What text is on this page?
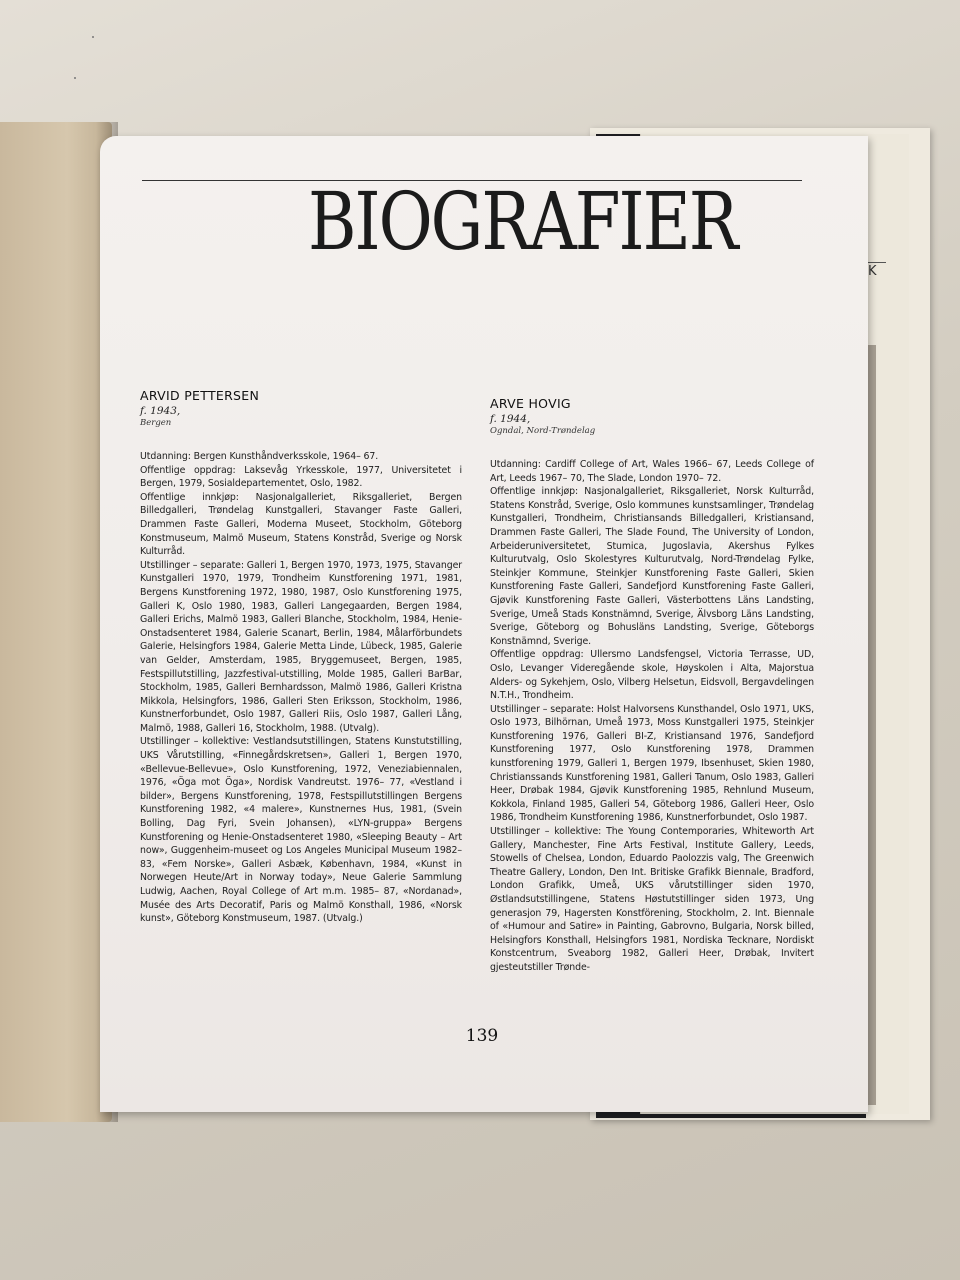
K
BIOGRAFIER
ARVID PETTERSEN
f. 1943,
Bergen

Utdanning: Bergen Kunsthåndverksskole, 1964– 67.

Offentlige oppdrag: Laksevåg Yrkesskole, 1977, Universitetet i Bergen, 1979, Sosialdepartementet, Oslo, 1982.

Offentlige innkjøp: Nasjonalgalleriet, Riksgalleriet, Bergen Billedgalleri, Trøndelag Kunstgalleri, Stavanger Faste Galleri, Drammen Faste Galleri, Moderna Museet, Stockholm, Göteborg Konstmuseum, Malmö Museum, Statens Konstråd, Sverige og Norsk Kulturråd.

Utstillinger – separate: Galleri 1, Bergen 1970, 1973, 1975, Stavanger Kunstgalleri 1970, 1979, Trondheim Kunstforening 1971, 1981, Bergens Kunstforening 1972, 1980, 1987, Oslo Kunstforening 1975, Galleri K, Oslo 1980, 1983, Galleri Langegaarden, Bergen 1984, Galleri Erichs, Malmö 1983, Galleri Blanche, Stockholm, 1984, Henie-Onstadsenteret 1984, Galerie Scanart, Berlin, 1984, Målarförbundets Galerie, Helsingfors 1984, Galerie Metta Linde, Lübeck, 1985, Galerie van Gelder, Amsterdam, 1985, Bryggemuseet, Bergen, 1985, Festspillutstilling, Jazzfestival-utstilling, Molde 1985, Galleri BarBar, Stockholm, 1985, Galleri Bernhardsson, Malmö 1986, Galleri Kristna Mikkola, Helsingfors, 1986, Galleri Sten Eriksson, Stockholm, 1986, Kunstnerforbundet, Oslo 1987, Galleri Riis, Oslo 1987, Galleri Lång, Malmö, 1988, Galleri 16, Stockholm, 1988. (Utvalg).

Utstillinger – kollektive: Vestlandsutstillingen, Statens Kunstutstilling, UKS Vårutstilling, «Finnegårdskretsen», Galleri 1, Bergen 1970, «Bellevue-Bellevue», Oslo Kunstforening, 1972, Veneziabiennalen, 1976, «Öga mot Öga», Nordisk Vandreutst. 1976– 77, «Vestland i bilder», Bergens Kunstforening, 1978, Festspillutstillingen Bergens Kunstforening 1982, «4 malere», Kunstnernes Hus, 1981, (Svein Bolling, Dag Fyri, Svein Johansen), «LYN-gruppa» Bergens Kunstforening og Henie-Onstadsenteret 1980, «Sleeping Beauty – Art now», Guggenheim-museet og Los Angeles Municipal Museum 1982– 83, «Fem Norske», Galleri Asbæk, København, 1984, «Kunst in Norwegen Heute/Art in Norway today», Neue Galerie Sammlung Ludwig, Aachen, Royal College of Art m.m. 1985– 87, «Nordanad», Musée des Arts Decoratif, Paris og Malmö Konsthall, 1986, «Norsk kunst», Göteborg Konstmuseum, 1987. (Utvalg.)

ARVE HOVIG
f. 1944,
Ogndal, Nord-Trøndelag

Utdanning: Cardiff College of Art, Wales 1966– 67, Leeds College of Art, Leeds 1967– 70, The Slade, London 1970– 72.

Offentlige innkjøp: Nasjonalgalleriet, Riksgalleriet, Norsk Kulturråd, Statens Konstråd, Sverige, Oslo kommunes kunstsamlinger, Trøndelag Kunstgalleri, Trondheim, Christiansands Billedgalleri, Kristiansand, Drammen Faste Galleri, The Slade Found, The University of London, Arbeideruniversitetet, Stumica, Jugoslavia, Akershus Fylkes Kulturutvalg, Oslo Skolestyres Kulturutvalg, Nord-Trøndelag Fylke, Steinkjer Kommune, Steinkjer Kunstforening Faste Galleri, Skien Kunstforening Faste Galleri, Sandefjord Kunstforening Faste Galleri, Gjøvik Kunstforening Faste Galleri, Västerbottens Läns Landsting, Sverige, Umeå Stads Konstnämnd, Sverige, Älvsborg Läns Landsting, Sverige, Göteborg og Bohusläns Landsting, Sverige, Göteborgs Konstnämnd, Sverige.

Offentlige oppdrag: Ullersmo Landsfengsel, Victoria Terrasse, UD, Oslo, Levanger Videregående skole, Høyskolen i Alta, Majorstua Alders- og Sykehjem, Oslo, Vilberg Helsetun, Eidsvoll, Bergavdelingen N.T.H., Trondheim.

Utstillinger – separate: Holst Halvorsens Kunsthandel, Oslo 1971, UKS, Oslo 1973, Bilhörnan, Umeå 1973, Moss Kunstgalleri 1975, Steinkjer Kunstforening 1976, Galleri BI-Z, Kristiansand 1976, Sandefjord Kunstforening 1977, Oslo Kunstforening 1978, Drammen kunstforening 1979, Galleri 1, Bergen 1979, Ibsenhuset, Skien 1980, Christianssands Kunstforening 1981, Galleri Tanum, Oslo 1983, Galleri Heer, Drøbak 1984, Gjøvik Kunstforening 1985, Rehnlund Museum, Kokkola, Finland 1985, Galleri 54, Göteborg 1986, Galleri Heer, Oslo 1986, Trondheim Kunstforening 1986, Kunstnerforbundet, Oslo 1987.

Utstillinger – kollektive: The Young Contemporaries, Whiteworth Art Gallery, Manchester, Fine Arts Festival, Institute Gallery, Leeds, Stowells of Chelsea, London, Eduardo Paolozzis valg, The Greenwich Theatre Gallery, London, Den Int. Britiske Grafikk Biennale, Bradford, London Grafikk, Umeå, UKS vårutstillinger siden 1970, Østlandsutstillingene, Statens Høstutstillinger siden 1973, Ung generasjon 79, Hagersten Konstförening, Stockholm, 2. Int. Biennale of «Humour and Satire» in Painting, Gabrovno, Bulgaria, Norsk billed, Helsingfors Konsthall, Helsingfors 1981, Nordiska Tecknare, Nordiskt Konstcentrum, Sveaborg 1982, Galleri Heer, Drøbak, Invitert gjesteutstiller Trønde-

139
